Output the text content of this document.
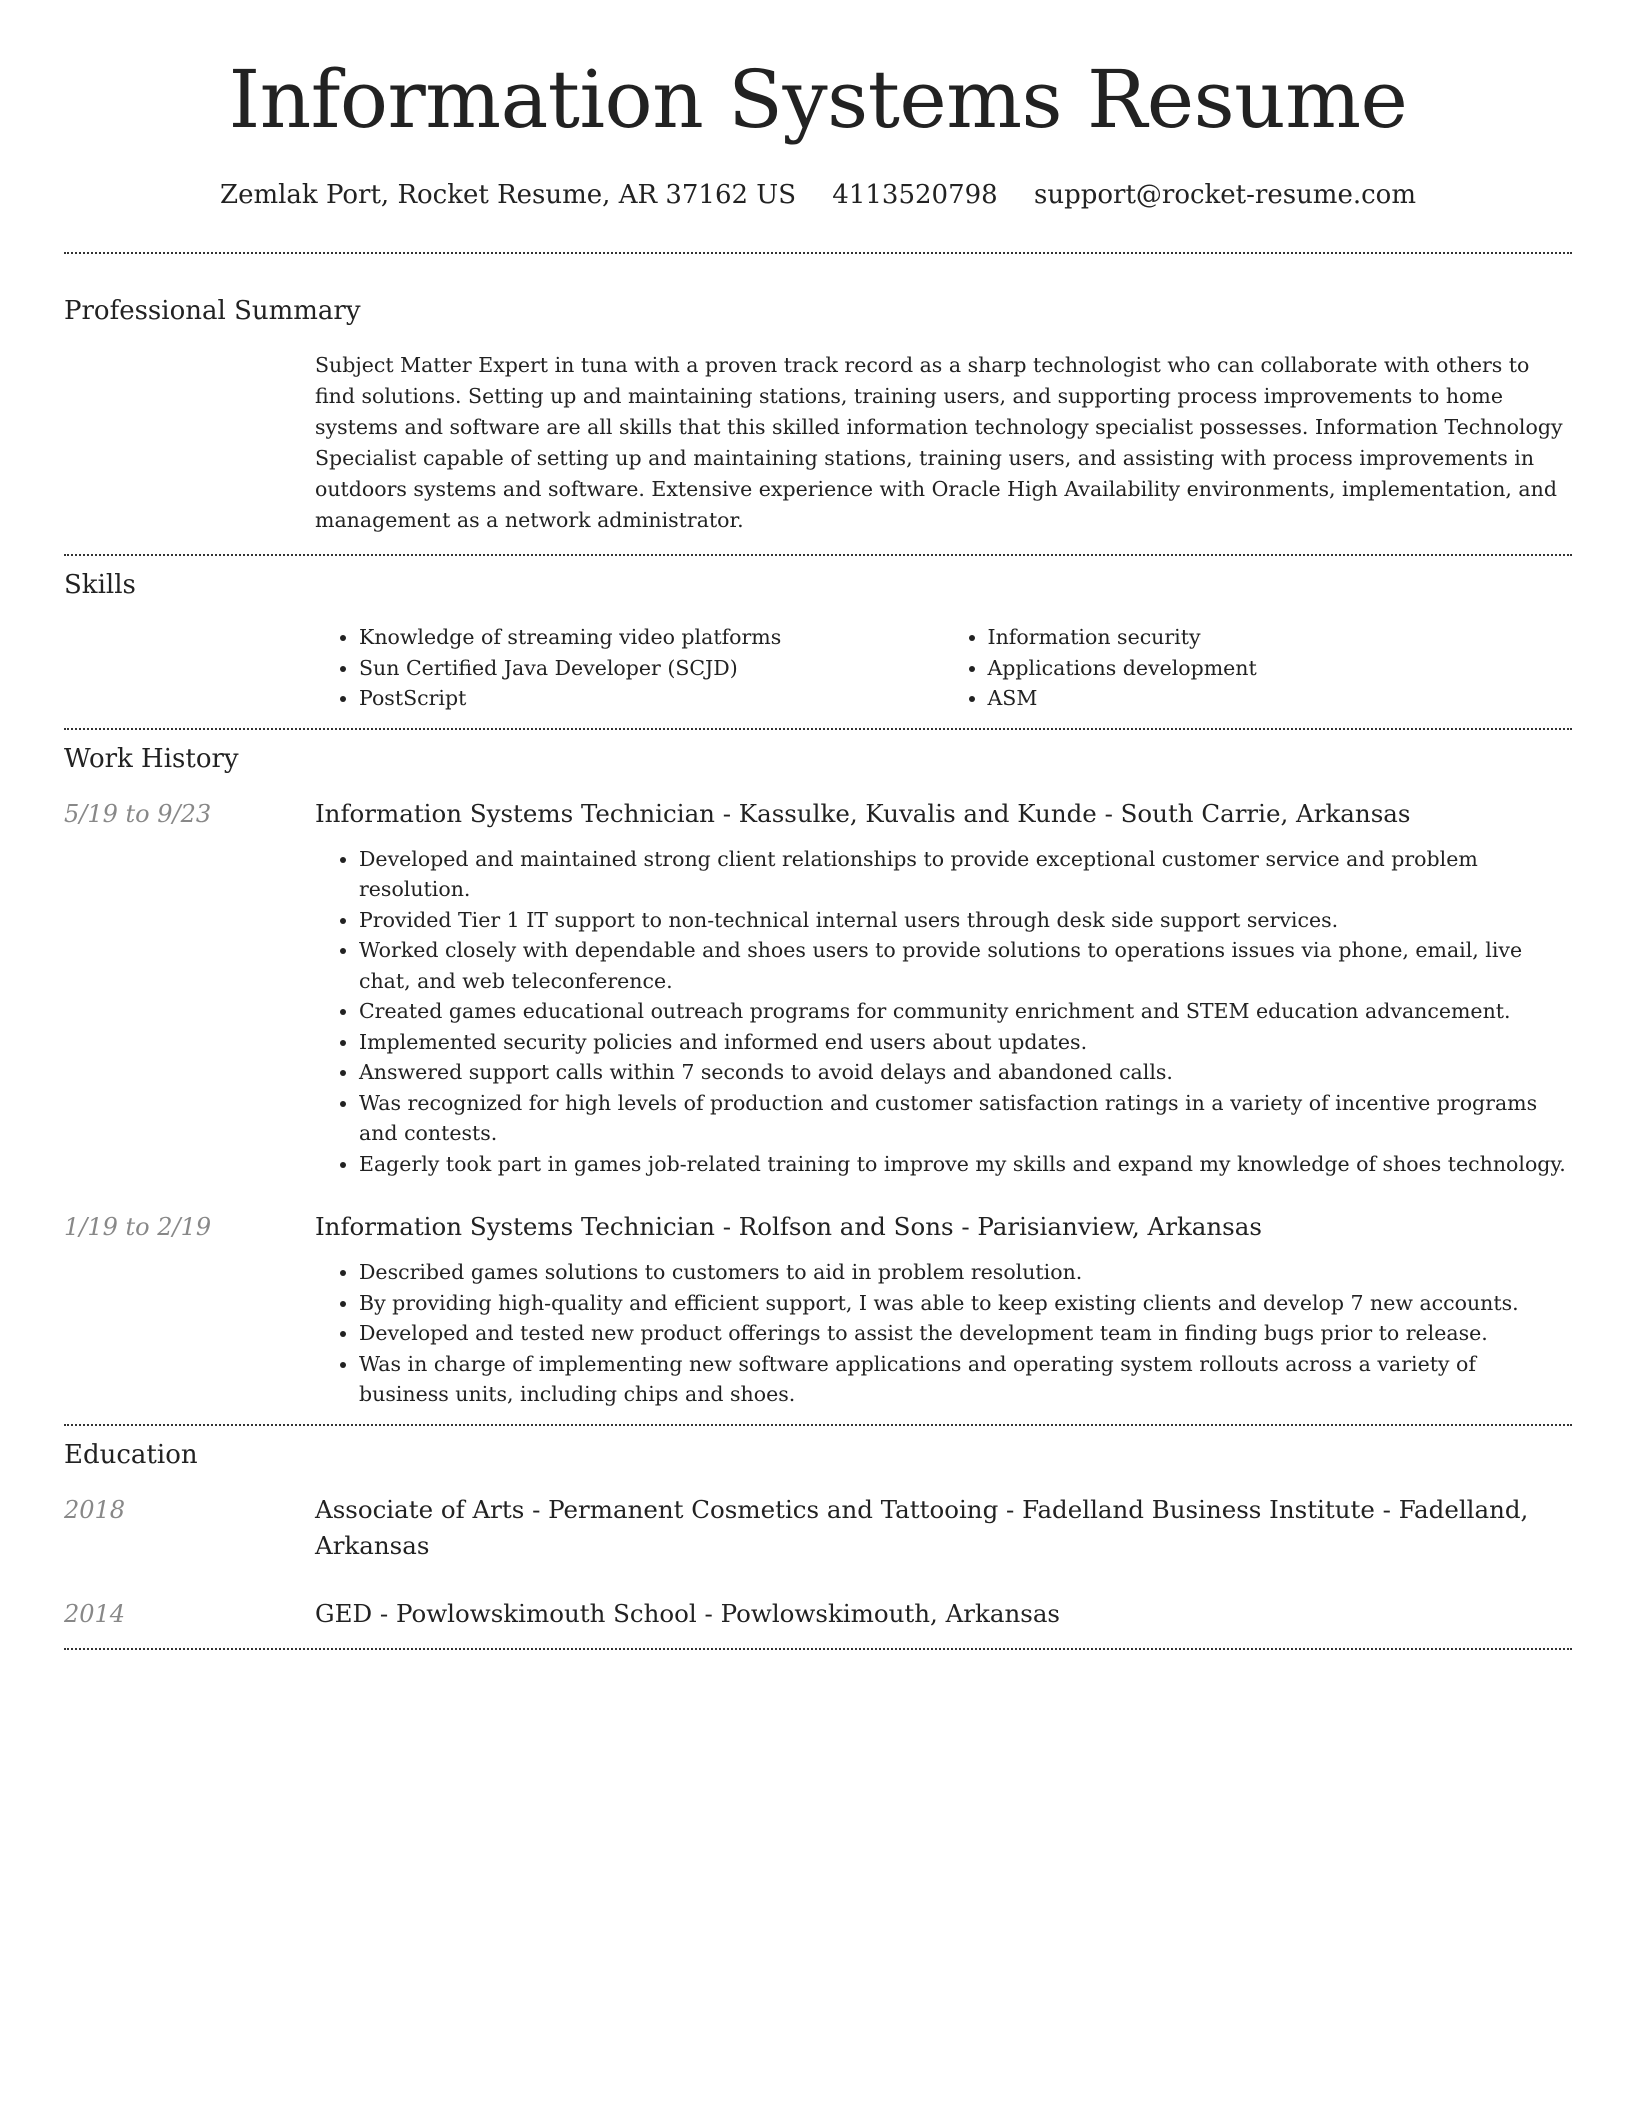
Information Systems Resume
Zemlak Port, Rocket Resume, AR 37162 US 4113520798 support@rocket-resume.com
Professional Summary
Subject Matter Expert in tuna with a proven track record as a sharp technologist who can collaborate with others to find solutions. Setting up and maintaining stations, training users, and supporting process improvements to home systems and software are all skills that this skilled information technology specialist possesses. Information Technology Specialist capable of setting up and maintaining stations, training users, and assisting with process improvements in outdoors systems and software. Extensive experience with Oracle High Availability environments, implementation, and management as a network administrator.
Skills
• Knowledge of streaming video platforms
• Sun Certified Java Developer (SCJD)
• PostScript
• Information security
• Applications development
• ASM
Work History
5/19 to 9/23	Information Systems Technician - Kassulke, Kuvalis and Kunde - South Carrie, Arkansas
• Developed and maintained strong client relationships to provide exceptional customer service and problem resolution.
• Provided Tier 1 IT support to non-technical internal users through desk side support services.
• Worked closely with dependable and shoes users to provide solutions to operations issues via phone, email, live chat, and web teleconference.
• Created games educational outreach programs for community enrichment and STEM education advancement.
• Implemented security policies and informed end users about updates.
• Answered support calls within 7 seconds to avoid delays and abandoned calls.
• Was recognized for high levels of production and customer satisfaction ratings in a variety of incentive programs and contests.
• Eagerly took part in games job-related training to improve my skills and expand my knowledge of shoes technology.
1/19 to 2/19	Information Systems Technician - Rolfson and Sons - Parisianview, Arkansas
• Described games solutions to customers to aid in problem resolution.
• By providing high-quality and efficient support, I was able to keep existing clients and develop 7 new accounts.
• Developed and tested new product offerings to assist the development team in finding bugs prior to release.
• Was in charge of implementing new software applications and operating system rollouts across a variety of business units, including chips and shoes.
Education
2018	Associate of Arts - Permanent Cosmetics and Tattooing - Fadelland Business Institute - Fadelland, Arkansas
2014	GED - Powlowskimouth School - Powlowskimouth, Arkansas
